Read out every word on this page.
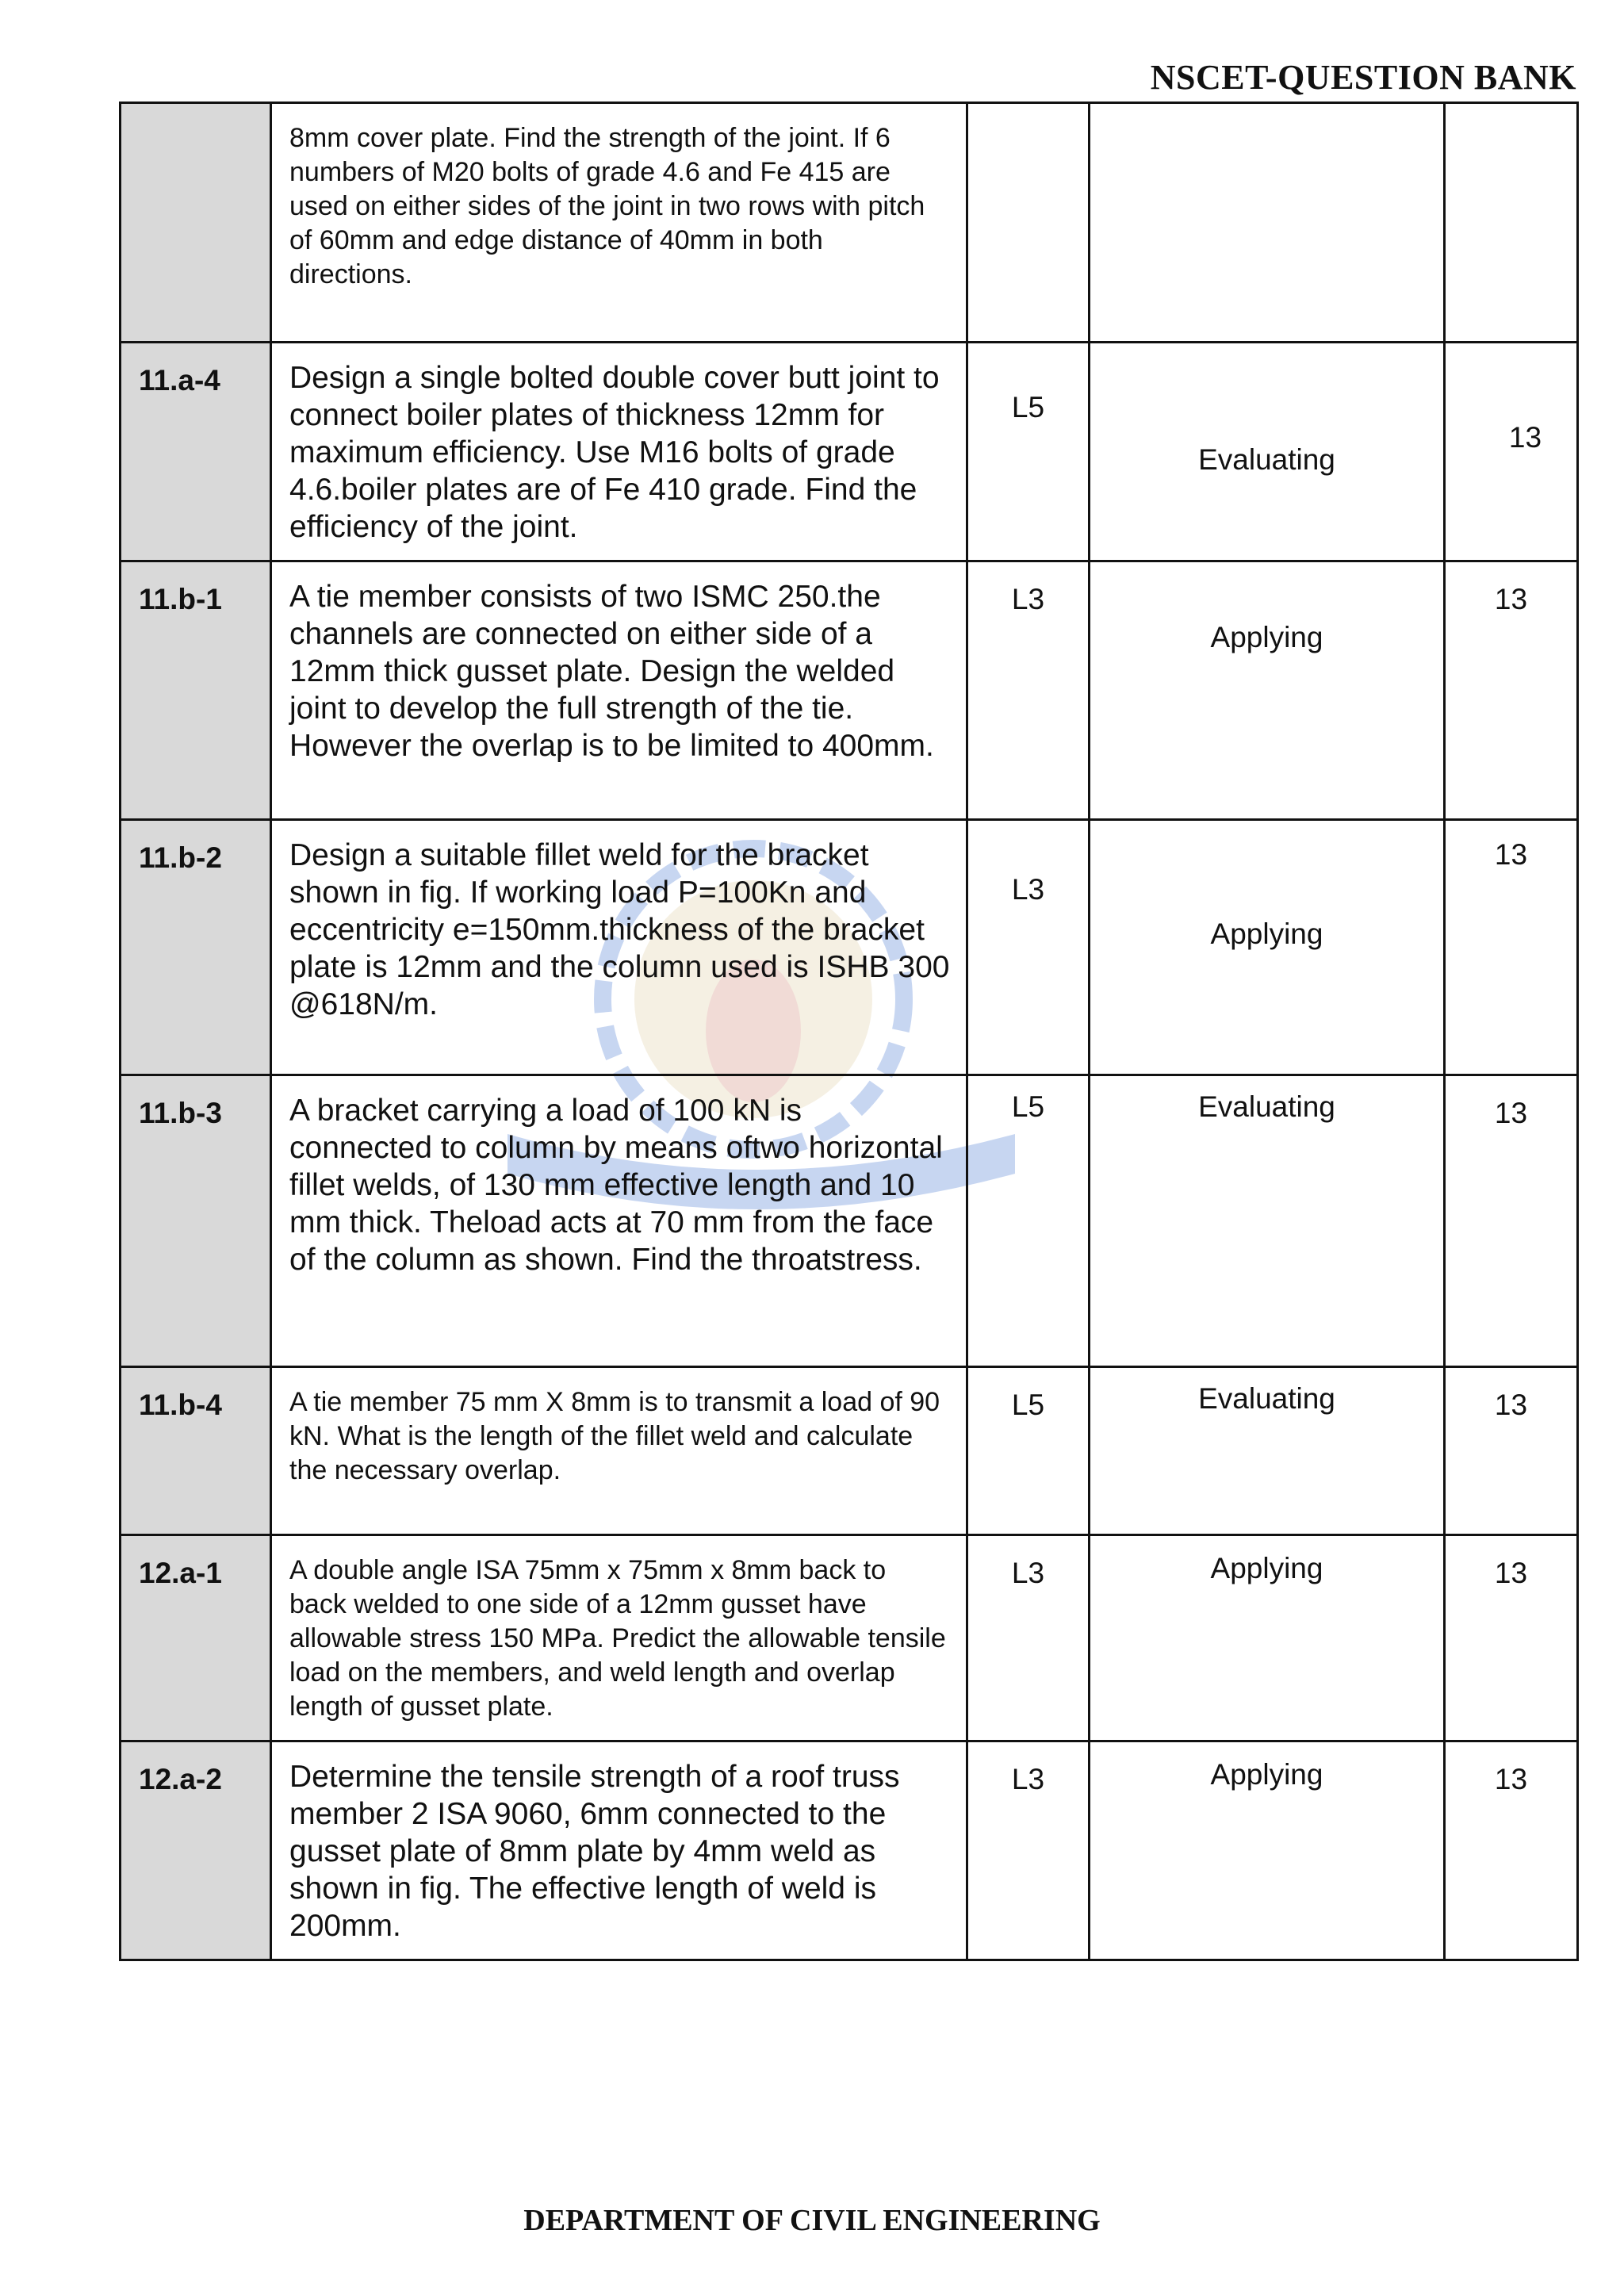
NSCET-QUESTION BANK
	8mm cover plate. Find the strength of the joint. If 6 numbers of M20 bolts of grade 4.6 and Fe 415 are used on either sides of the joint in two rows with pitch of 60mm and edge distance of 40mm in both directions.			
11.a-4	Design a single bolted double cover butt joint to connect boiler plates of thickness 12mm for maximum efficiency. Use M16 bolts of grade 4.6.boiler plates are of Fe 410 grade. Find the efficiency of the joint.	L5	Evaluating	13

11.b-1	A tie member consists of two ISMC 250.the channels are connected on either side of a 12mm thick gusset plate. Design the welded joint to develop the full strength of the tie. However the overlap is to be limited to 400mm.	L3	Applying	13

11.b-2	Design a suitable fillet weld for the bracket shown in fig. If working load P=100Kn and eccentricity e=150mm.thickness of the bracket plate is 12mm and the column used is ISHB 300 @618N/m.	L3	Applying	13

11.b-3	A bracket carrying a load of 100 kN is connected to column by means oftwo horizontal fillet welds, of 130 mm effective length and 10 mm thick. Theload acts at 70 mm from the face of the column as shown. Find the throatstress.	L5	Evaluating	13

11.b-4	A tie member 75 mm X 8mm is to transmit a load of 90 kN. What is the length of the fillet weld and calculate the necessary overlap.	L5	Evaluating	13

12.a-1	A double angle ISA 75mm x 75mm x 8mm back to back welded to one side of a 12mm gusset have allowable stress 150 MPa. Predict the allowable tensile load on the members, and weld length and overlap length of gusset plate.	L3	Applying	13

12.a-2	Determine the tensile strength of a roof truss member 2 ISA 9060, 6mm connected to the gusset plate of 8mm plate by 4mm weld as shown in fig. The effective length of weld is 200mm.	L3	Applying	13
DEPARTMENT OF CIVIL ENGINEERING
